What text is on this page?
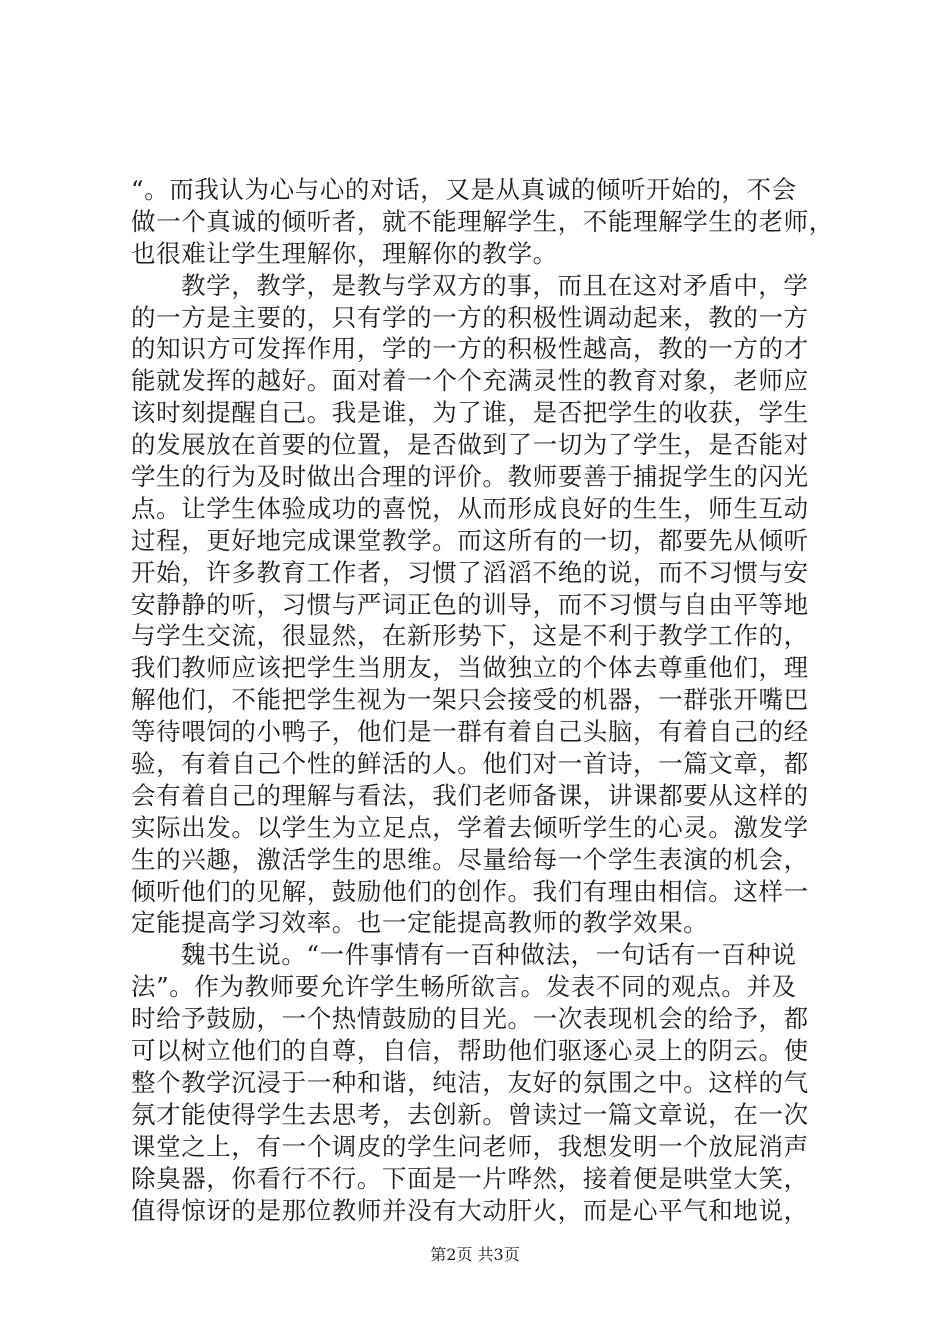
“。而我认为心与心的对话，又是从真诚的倾听开始的，不会
做一个真诚的倾听者，就不能理解学生，不能理解学生的老师，
也很难让学生理解你，理解你的教学。
教学，教学，是教与学双方的事，而且在这对矛盾中，学
的一方是主要的，只有学的一方的积极性调动起来，教的一方
的知识方可发挥作用，学的一方的积极性越高，教的一方的才
能就发挥的越好。面对着一个个充满灵性的教育对象，老师应
该时刻提醒自己。我是谁，为了谁，是否把学生的收获，学生
的发展放在首要的位置，是否做到了一切为了学生，是否能对
学生的行为及时做出合理的评价。教师要善于捕捉学生的闪光
点。让学生体验成功的喜悦，从而形成良好的生生，师生互动
过程，更好地完成课堂教学。而这所有的一切，都要先从倾听
开始，许多教育工作者，习惯了滔滔不绝的说，而不习惯与安
安静静的听，习惯与严词正色的训导，而不习惯与自由平等地
与学生交流，很显然，在新形势下，这是不利于教学工作的，
我们教师应该把学生当朋友，当做独立的个体去尊重他们，理
解他们，不能把学生视为一架只会接受的机器，一群张开嘴巴
等待喂饲的小鸭子，他们是一群有着自己头脑，有着自己的经
验，有着自己个性的鲜活的人。他们对一首诗，一篇文章，都
会有着自己的理解与看法，我们老师备课，讲课都要从这样的
实际出发。以学生为立足点，学着去倾听学生的心灵。激发学
生的兴趣，激活学生的思维。尽量给每一个学生表演的机会，
倾听他们的见解，鼓励他们的创作。我们有理由相信。这样一
定能提高学习效率。也一定能提高教师的教学效果。
魏书生说。“一件事情有一百种做法，一句话有一百种说
法”。作为教师要允许学生畅所欲言。发表不同的观点。并及
时给予鼓励，一个热情鼓励的目光。一次表现机会的给予，都
可以树立他们的自尊，自信，帮助他们驱逐心灵上的阴云。使
整个教学沉浸于一种和谐，纯洁，友好的氛围之中。这样的气
氛才能使得学生去思考，去创新。曾读过一篇文章说，在一次
课堂之上，有一个调皮的学生问老师，我想发明一个放屁消声
除臭器，你看行不行。下面是一片哗然，接着便是哄堂大笑，
值得惊讶的是那位教师并没有大动肝火，而是心平气和地说，
第2页 共3页
